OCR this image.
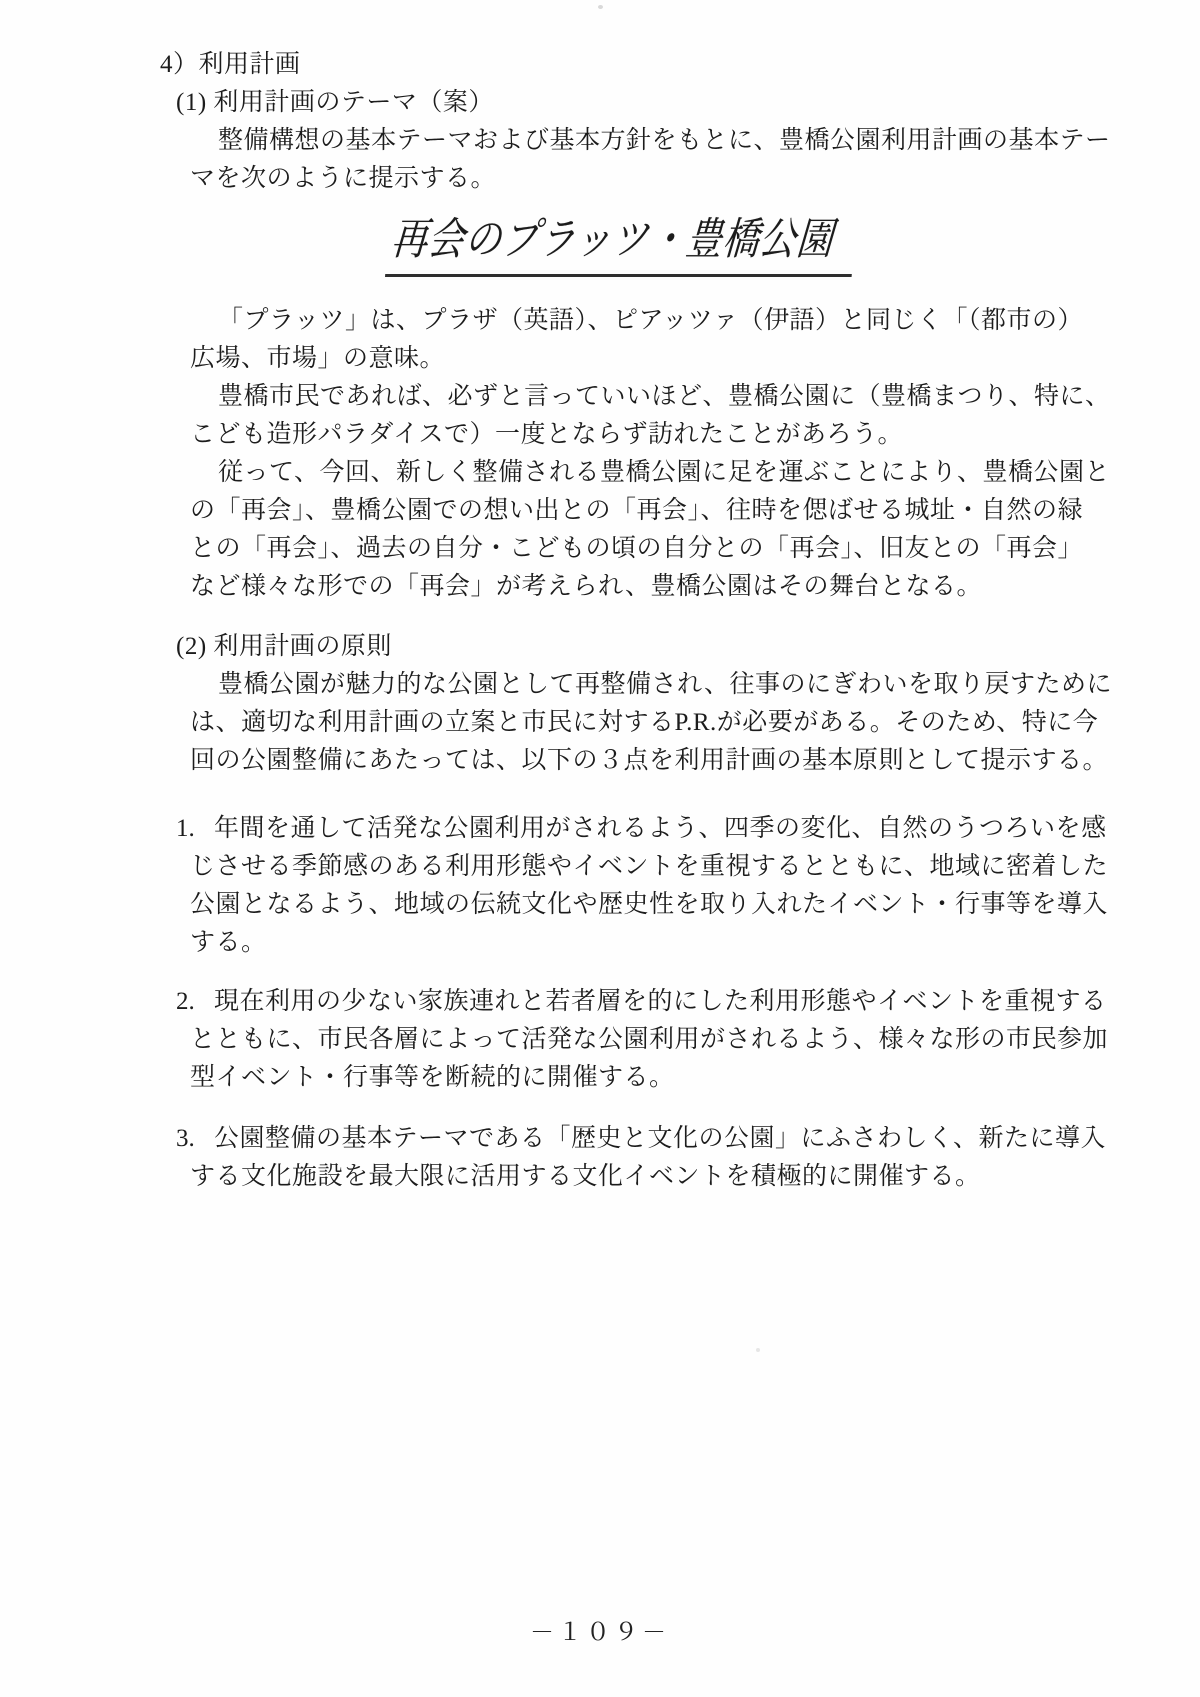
4）利用計画
(1) 利用計画のテーマ（案）
整備構想の基本テーマおよび基本方針をもとに、豊橋公園利用計画の基本テー
マを次のように提示する。
再会のプラッツ・豊橋公園
「プラッツ」は、プラザ（英語）、ピアッツァ（伊語）と同じく「（都市の）
広場、市場」の意味。
豊橋市民であれば、必ずと言っていいほど、豊橋公園に（豊橋まつり、特に、
こども造形パラダイスで）一度とならず訪れたことがあろう。
従って、今回、新しく整備される豊橋公園に足を運ぶことにより、豊橋公園と
の「再会」、豊橋公園での想い出との「再会」、往時を偲ばせる城址・自然の緑
との「再会」、過去の自分・こどもの頃の自分との「再会」、旧友との「再会」
など様々な形での「再会」が考えられ、豊橋公園はその舞台となる。
(2) 利用計画の原則
豊橋公園が魅力的な公園として再整備され、往事のにぎわいを取り戻すために
は、適切な利用計画の立案と市民に対するP.R.が必要がある。そのため、特に今
回の公園整備にあたっては、以下の３点を利用計画の基本原則として提示する。
1. 年間を通して活発な公園利用がされるよう、四季の変化、自然のうつろいを感
じさせる季節感のある利用形態やイベントを重視するとともに、地域に密着した
公園となるよう、地域の伝統文化や歴史性を取り入れたイベント・行事等を導入
する。
2. 現在利用の少ない家族連れと若者層を的にした利用形態やイベントを重視する
とともに、市民各層によって活発な公園利用がされるよう、様々な形の市民参加
型イベント・行事等を断続的に開催する。
3. 公園整備の基本テーマである「歴史と文化の公園」にふさわしく、新たに導入
する文化施設を最大限に活用する文化イベントを積極的に開催する。
－１０９－
